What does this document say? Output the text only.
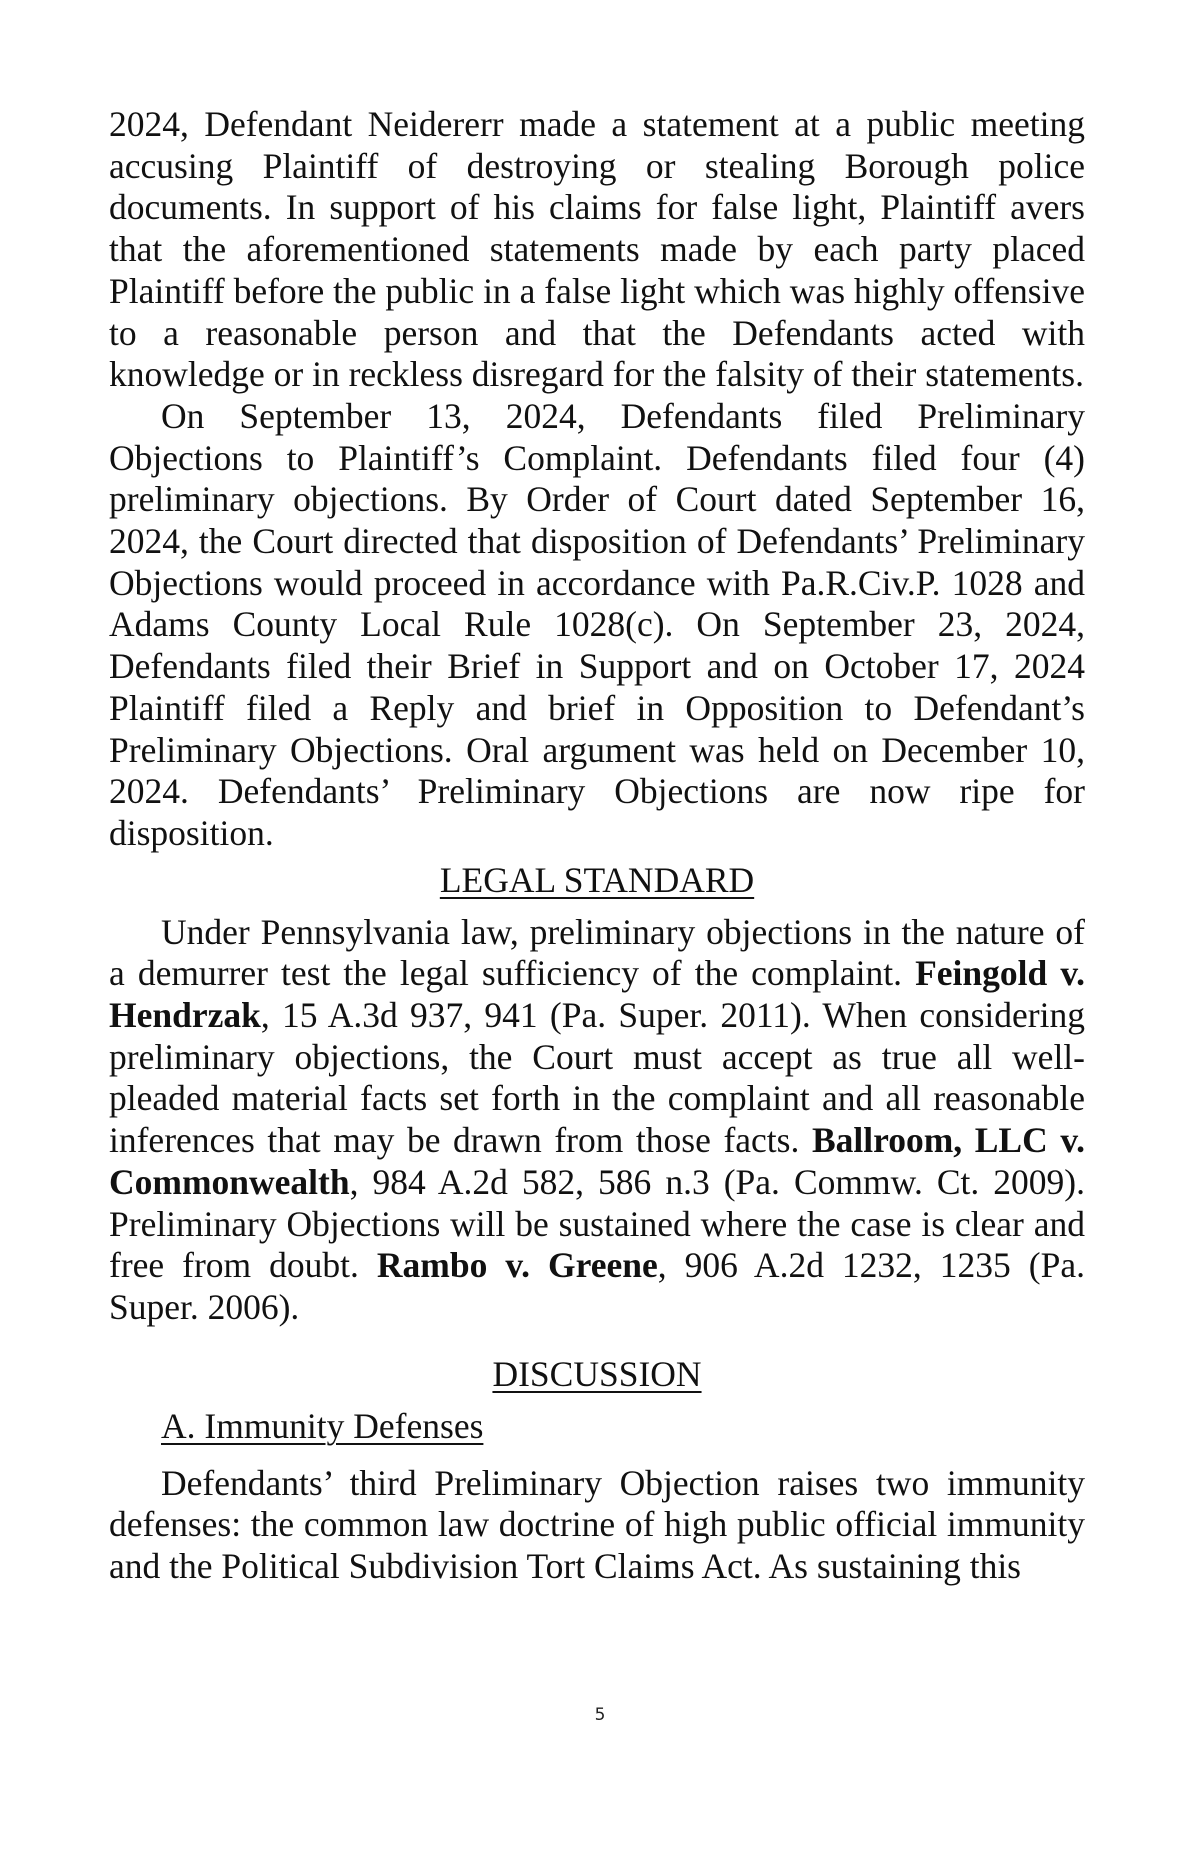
2024, Defendant Neidererr made a statement at a public meeting accusing Plaintiff of destroying or stealing Borough police documents. In support of his claims for false light, Plaintiff avers that the aforementioned statements made by each party placed Plaintiff before the public in a false light which was highly offensive to a reasonable person and that the Defendants acted with knowledge or in reckless disregard for the falsity of their statements.

On September 13, 2024, Defendants filed Preliminary Objections to Plaintiff’s Complaint. Defendants filed four (4) preliminary objections. By Order of Court dated September 16, 2024, the Court directed that disposition of Defendants’ Preliminary Objections would proceed in accordance with Pa.R.Civ.P. 1028 and Adams County Local Rule 1028(c). On September 23, 2024, Defendants filed their Brief in Support and on October 17, 2024 Plaintiff filed a Reply and brief in Opposition to Defendant’s Preliminary Objections. Oral argument was held on December 10, 2024. Defendants’ Preliminary Objections are now ripe for disposition.

LEGAL STANDARD

Under Pennsylvania law, preliminary objections in the nature of a demurrer test the legal sufficiency of the complaint. Feingold v. Hendrzak, 15 A.3d 937, 941 (Pa. Super. 2011). When considering preliminary objections, the Court must accept as true all well-pleaded material facts set forth in the complaint and all reasonable inferences that may be drawn from those facts. Ballroom, LLC v. Commonwealth, 984 A.2d 582, 586 n.3 (Pa. Commw. Ct. 2009). Preliminary Objections will be sustained where the case is clear and free from doubt. Rambo v. Greene, 906 A.2d 1232, 1235 (Pa. Super. 2006).

DISCUSSION

A. Immunity Defenses

Defendants’ third Preliminary Objection raises two immunity defenses: the common law doctrine of high public official immunity and the Political Subdivision Tort Claims Act. As sustaining this

5
